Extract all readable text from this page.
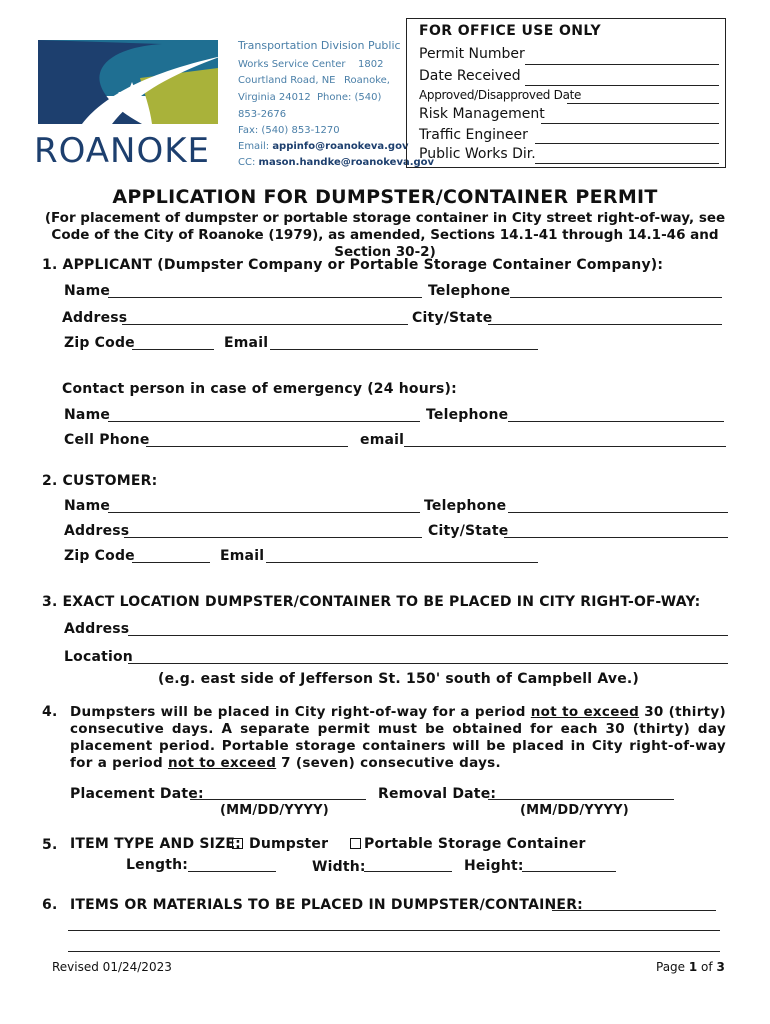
ROANOKE
Transportation Division Public
Works Service Center 1802
Courtland Road, NE Roanoke,
Virginia 24012 Phone: (540)
853-2676
Fax: (540) 853-1270
Email: appinfo@roanokeva.gov
CC: mason.handke@roanokeva.gov
FOR OFFICE USE ONLY
Permit Number
Date Received
Approved/Disapproved Date
Risk Management
Traffic Engineer
Public Works Dir.
APPLICATION FOR DUMPSTER/CONTAINER PERMIT
(For placement of dumpster or portable storage container in City street right-of-way, see Code of the City of Roanoke (1979), as amended, Sections 14.1-41 through 14.1-46 and Section 30-2)
1. APPLICANT (Dumpster Company or Portable Storage Container Company):
Name	Telephone
Address	City/State
Zip Code	Email
Contact person in case of emergency (24 hours):
Name	Telephone
Cell Phone	email
2. CUSTOMER:
Name	Telephone
Address	City/State
Zip Code	Email
3. EXACT LOCATION DUMPSTER/CONTAINER TO BE PLACED IN CITY RIGHT-OF-WAY:
Address
Location
(e.g. east side of Jefferson St. 150' south of Campbell Ave.)
4. Dumpsters will be placed in City right-of-way for a period not to exceed 30 (thirty) consecutive days. A separate permit must be obtained for each 30 (thirty) day placement period. Portable storage containers will be placed in City right-of-way for a period not to exceed 7 (seven) consecutive days.
Placement Date:	Removal Date:
(MM/DD/YYYY)	(MM/DD/YYYY)
5. ITEM TYPE AND SIZE: Dumpster	Portable Storage Container
Length:	Width:	Height:
6. ITEMS OR MATERIALS TO BE PLACED IN DUMPSTER/CONTAINER:
Revised 01/24/2023	Page 1 of 3
